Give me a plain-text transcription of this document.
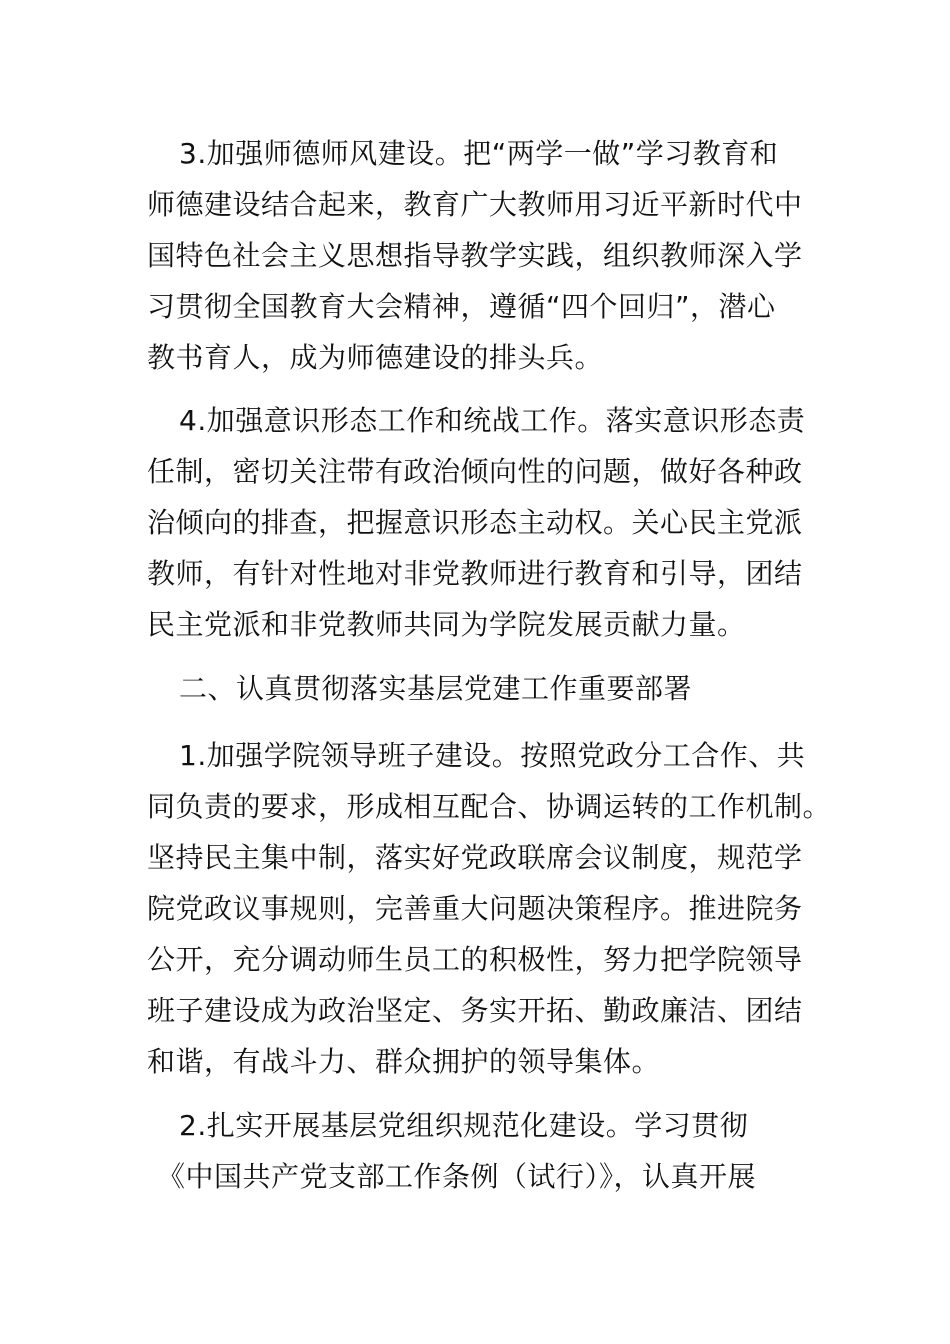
3.加强师德师风建设。把“两学一做”学习教育和
师德建设结合起来，教育广大教师用习近平新时代中
国特色社会主义思想指导教学实践，组织教师深入学
习贯彻全国教育大会精神，遵循“四个回归”，潜心
教书育人，成为师德建设的排头兵。
4.加强意识形态工作和统战工作。落实意识形态责
任制，密切关注带有政治倾向性的问题，做好各种政
治倾向的排查，把握意识形态主动权。关心民主党派
教师，有针对性地对非党教师进行教育和引导，团结
民主党派和非党教师共同为学院发展贡献力量。
二、认真贯彻落实基层党建工作重要部署
1.加强学院领导班子建设。按照党政分工合作、共
同负责的要求，形成相互配合、协调运转的工作机制。
坚持民主集中制，落实好党政联席会议制度，规范学
院党政议事规则，完善重大问题决策程序。推进院务
公开，充分调动师生员工的积极性，努力把学院领导
班子建设成为政治坚定、务实开拓、勤政廉洁、团结
和谐，有战斗力、群众拥护的领导集体。
2.扎实开展基层党组织规范化建设。学习贯彻
《中国共产党支部工作条例（试行）》，认真开展
